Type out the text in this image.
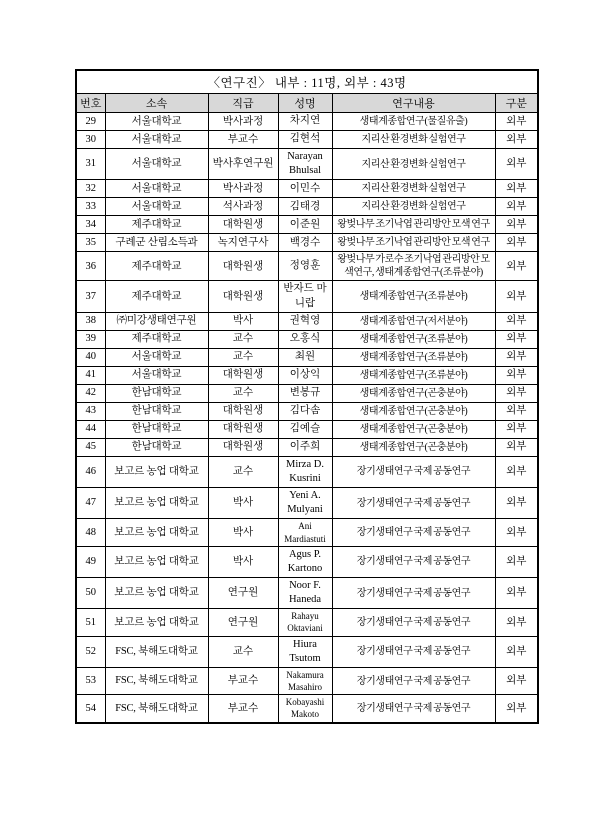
〈연구진〉 내부 : 11명, 외부 : 43명					
번호	소속	직급	성명	연구내용	구분
29	서울대학교	박사과정	차지연	생태계종합연구(물질유출)	외부
30	서울대학교	부교수	김현석	지리산 환경변화 실험연구	외부
31	서울대학교	박사후연구원	Narayan Bhulsal	지리산 환경변화 실험연구	외부
32	서울대학교	박사과정	이민수	지리산 환경변화 실험연구	외부
33	서울대학교	석사과정	김태경	지리산 환경변화 실험연구	외부
34	제주대학교	대학원생	이준원	왕벚나무 조기낙엽 관리방안 모색 연구	외부
35	구례군 산림소득과	녹지연구사	백경수	왕벚나무 조기낙엽 관리방안 모색 연구	외부
36	제주대학교	대학원생	정영훈	왕벚나무 가로수 조기낙엽 관리방안 모색연구, 생태계종합연구(조류분야)	외부
37	제주대학교	대학원생	반자드 마니랍	생태계종합연구(조류분야)	외부
38	㈜미강생태연구원	박사	권혁영	생태계종합연구(저서분야)	외부
39	제주대학교	교수	오홍식	생태계종합연구(조류분야)	외부
40	서울대학교	교수	최원	생태계종합연구(조류분야)	외부
41	서울대학교	대학원생	이상익	생태계종합연구(조류분야)	외부
42	한남대학교	교수	변봉규	생태계종합연구(곤충분야)	외부
43	한남대학교	대학원생	김다솜	생태계종합연구(곤충분야)	외부
44	한남대학교	대학원생	김예슬	생태계종합연구(곤충분야)	외부
45	한남대학교	대학원생	이주희	생태계종합연구(곤충분야)	외부
46	보고르 농업 대학교	교수	Mirza D. Kusrini	장기생태연구 국제 공동연구	외부
47	보고르 농업 대학교	박사	Yeni A. Mulyani	장기생태연구 국제 공동연구	외부
48	보고르 농업 대학교	박사	Ani Mardiastuti	장기생태연구 국제 공동연구	외부
49	보고르 농업 대학교	박사	Agus P. Kartono	장기생태연구 국제 공동연구	외부
50	보고르 농업 대학교	연구원	Noor F. Haneda	장기생태연구 국제 공동연구	외부
51	보고르 농업 대학교	연구원	Rahayu Oktaviani	장기생태연구 국제 공동연구	외부
52	FSC, 북해도대학교	교수	Hiura Tsutom	장기생태연구 국제 공동연구	외부
53	FSC, 북해도대학교	부교수	Nakamura Masahiro	장기생태연구 국제 공동연구	외부
54	FSC, 북해도대학교	부교수	Kobayashi Makoto	장기생태연구 국제 공동연구	외부
